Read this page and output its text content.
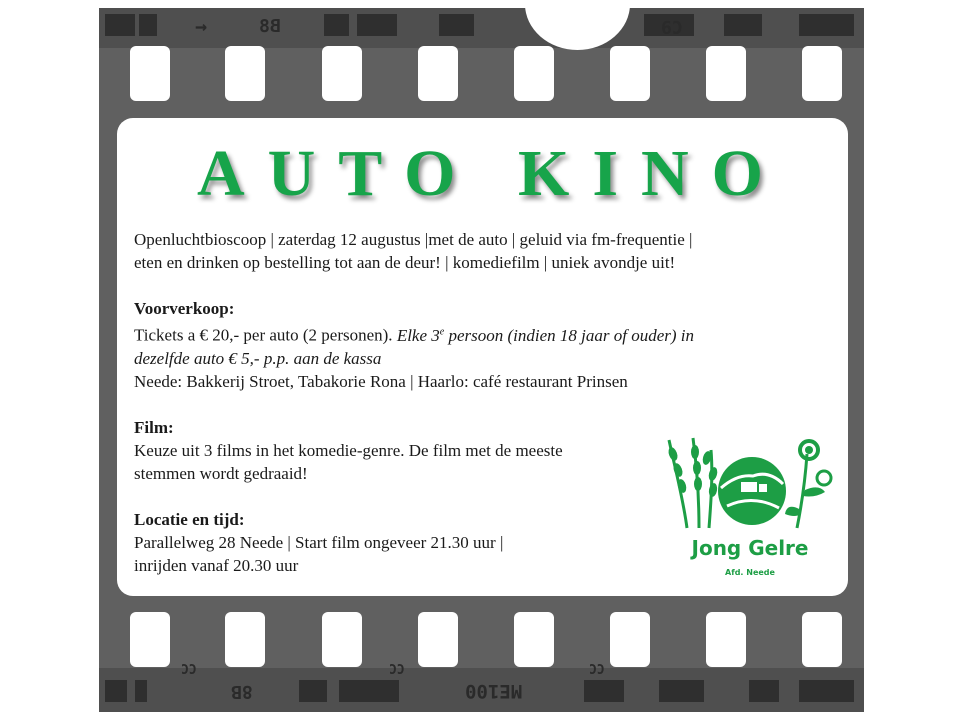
→	B8	C9
CC
8B
CC
ME100
CC
AUTO KINO

Openluchtbioscoop | zaterdag 12 augustus |met de auto | geluid via fm-frequentie |

eten en drinken op bestelling tot aan de deur! | komediefilm | uniek avondje uit!

Voorverkoop:

Tickets a € 20,- per auto (2 personen). Elke 3e persoon (indien 18 jaar of ouder) in

dezelfde auto € 5,- p.p. aan de kassa

Neede: Bakkerij Stroet, Tabakorie Rona | Haarlo: café restaurant Prinsen

Film:

Keuze uit 3 films in het komedie-genre. De film met de meeste

stemmen wordt gedraaid!

Locatie en tijd:

Parallelweg 28 Neede | Start film ongeveer 21.30 uur |

inrijden vanaf 20.30 uur

Jong Gelre
Afd. Neede
